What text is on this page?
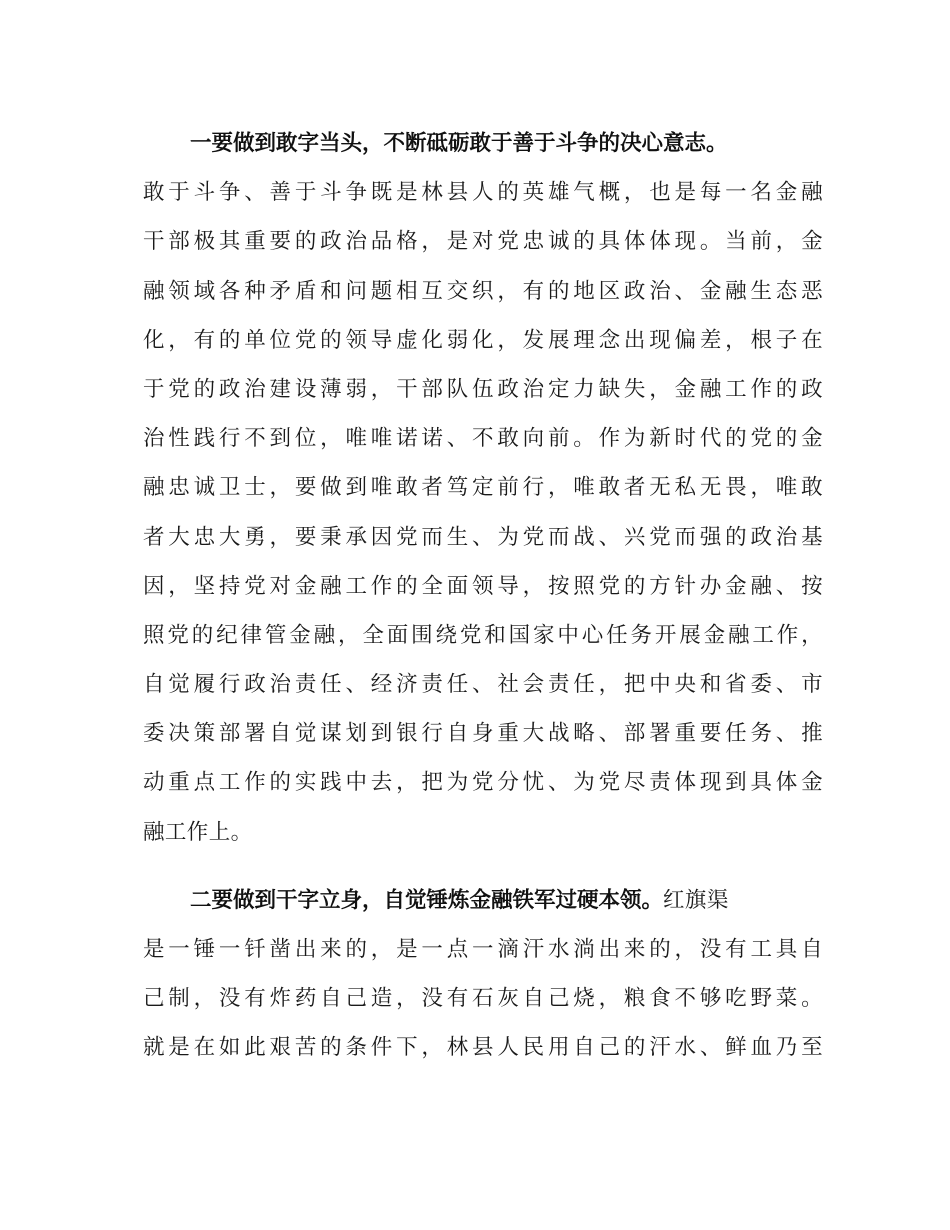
一要做到敢字当头，不断砥砺敢于善于斗争的决心意志。
敢于斗争、善于斗争既是林县人的英雄气概，也是每一名金融
干部极其重要的政治品格，是对党忠诚的具体体现。当前，金
融领域各种矛盾和问题相互交织，有的地区政治、金融生态恶
化，有的单位党的领导虚化弱化，发展理念出现偏差，根子在
于党的政治建设薄弱，干部队伍政治定力缺失，金融工作的政
治性践行不到位，唯唯诺诺、不敢向前。作为新时代的党的金
融忠诚卫士，要做到唯敢者笃定前行，唯敢者无私无畏，唯敢
者大忠大勇，要秉承因党而生、为党而战、兴党而强的政治基
因，坚持党对金融工作的全面领导，按照党的方针办金融、按
照党的纪律管金融，全面围绕党和国家中心任务开展金融工作，
自觉履行政治责任、经济责任、社会责任，把中央和省委、市
委决策部署自觉谋划到银行自身重大战略、部署重要任务、推
动重点工作的实践中去，把为党分忧、为党尽责体现到具体金
融工作上。
二要做到干字立身，自觉锤炼金融铁军过硬本领。红旗渠
是一锤一钎凿出来的，是一点一滴汗水淌出来的，没有工具自
己制，没有炸药自己造，没有石灰自己烧，粮食不够吃野菜。
就是在如此艰苦的条件下，林县人民用自己的汗水、鲜血乃至
